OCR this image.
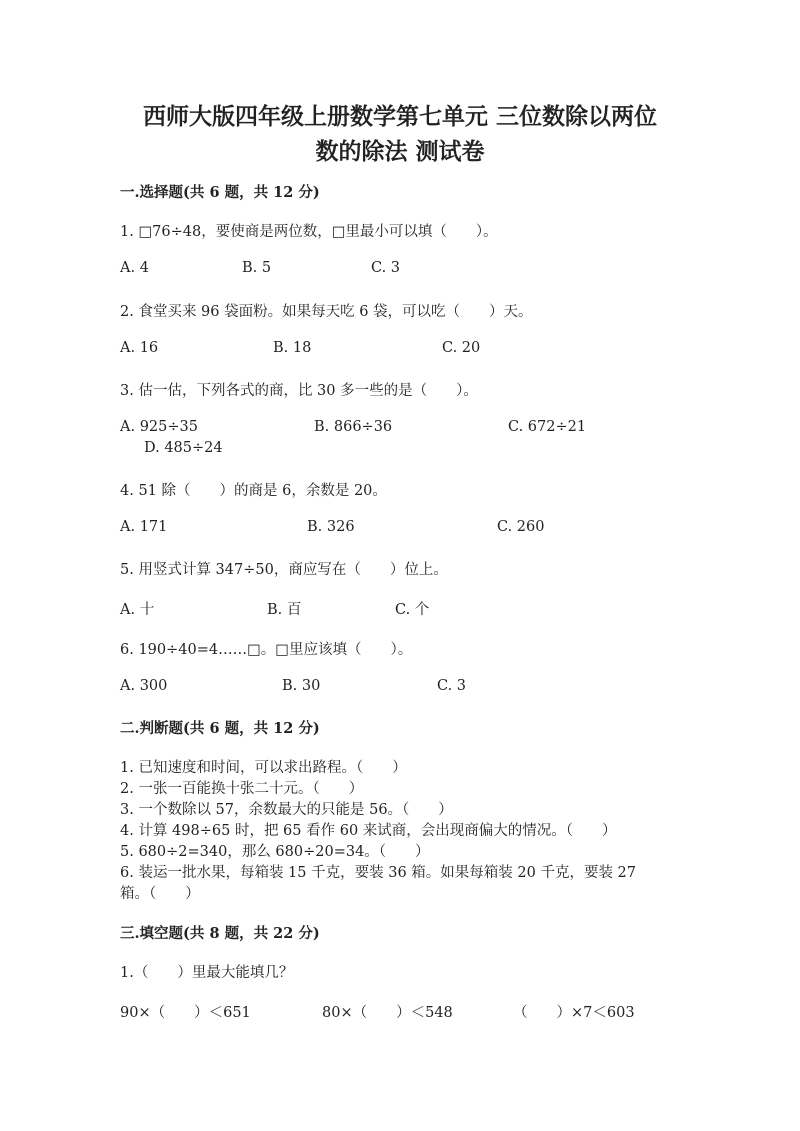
西师大版四年级上册数学第七单元 三位数除以两位
数的除法 测试卷
一.选择题(共 6 题，共 12 分)
1. □76÷48，要使商是两位数，□里最小可以填（　　）。
A. 4	B. 5	C. 3
2. 食堂买来 96 袋面粉。如果每天吃 6 袋，可以吃（　　）天。
A. 16	B. 18	C. 20
3. 估一估，下列各式的商，比 30 多一些的是（　　）。
A. 925÷35	B. 866÷36	C. 672÷21
D. 485÷24
4. 51 除（　　）的商是 6，余数是 20。
A. 171	B. 326	C. 260
5. 用竖式计算 347÷50，商应写在（　　）位上。
A. 十	B. 百	C. 个
6. 190÷40=4……□。□里应该填（　　）。
A. 300	B. 30	C. 3
二.判断题(共 6 题，共 12 分)
1. 已知速度和时间，可以求出路程。（　　）
2. 一张一百能换十张二十元。（　　）
3. 一个数除以 57，余数最大的只能是 56。（　　）
4. 计算 498÷65 时，把 65 看作 60 来试商，会出现商偏大的情况。（　　）
5. 680÷2=340，那么 680÷20=34。（　　）
6. 装运一批水果，每箱装 15 千克，要装 36 箱。如果每箱装 20 千克，要装 27
箱。（　　）
三.填空题(共 8 题，共 22 分)
1.（　　）里最大能填几？
90×（　　）＜651	80×（　　）＜548	（　　）×7＜603
